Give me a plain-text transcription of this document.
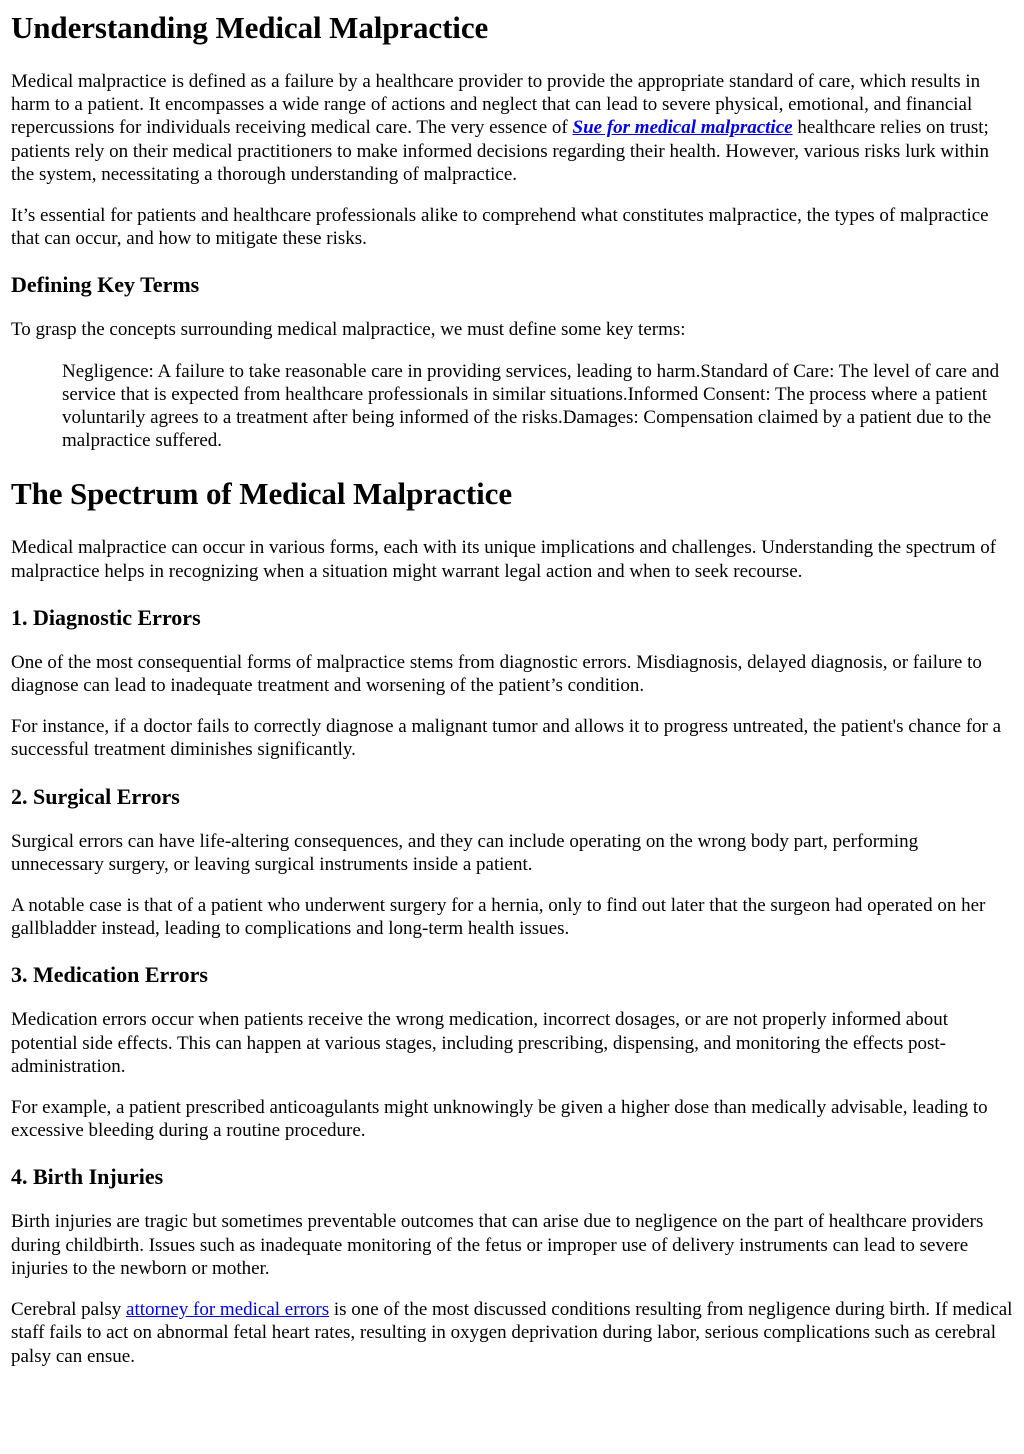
Understanding Medical Malpractice

Medical malpractice is defined as a failure by a healthcare provider to provide the appropriate standard of care, which results in harm to a patient. It encompasses a wide range of actions and neglect that can lead to severe physical, emotional, and financial repercussions for individuals receiving medical care. The very essence of Sue for medical malpractice healthcare relies on trust; patients rely on their medical practitioners to make informed decisions regarding their health. However, various risks lurk within the system, necessitating a thorough understanding of malpractice.

It’s essential for patients and healthcare professionals alike to comprehend what constitutes malpractice, the types of malpractice that can occur, and how to mitigate these risks.

Defining Key Terms

To grasp the concepts surrounding medical malpractice, we must define some key terms:

Negligence: A failure to take reasonable care in providing services, leading to harm.Standard of Care: The level of care and service that is expected from healthcare professionals in similar situations.Informed Consent: The process where a patient voluntarily agrees to a treatment after being informed of the risks.Damages: Compensation claimed by a patient due to the malpractice suffered.
The Spectrum of Medical Malpractice

Medical malpractice can occur in various forms, each with its unique implications and challenges. Understanding the spectrum of malpractice helps in recognizing when a situation might warrant legal action and when to seek recourse.

1. Diagnostic Errors

One of the most consequential forms of malpractice stems from diagnostic errors. Misdiagnosis, delayed diagnosis, or failure to diagnose can lead to inadequate treatment and worsening of the patient’s condition.

For instance, if a doctor fails to correctly diagnose a malignant tumor and allows it to progress untreated, the patient's chance for a successful treatment diminishes significantly.

2. Surgical Errors

Surgical errors can have life-altering consequences, and they can include operating on the wrong body part, performing unnecessary surgery, or leaving surgical instruments inside a patient.

A notable case is that of a patient who underwent surgery for a hernia, only to find out later that the surgeon had operated on her gallbladder instead, leading to complications and long-term health issues.

3. Medication Errors

Medication errors occur when patients receive the wrong medication, incorrect dosages, or are not properly informed about potential side effects. This can happen at various stages, including prescribing, dispensing, and monitoring the effects post-administration.

For example, a patient prescribed anticoagulants might unknowingly be given a higher dose than medically advisable, leading to excessive bleeding during a routine procedure.

4. Birth Injuries

Birth injuries are tragic but sometimes preventable outcomes that can arise due to negligence on the part of healthcare providers during childbirth. Issues such as inadequate monitoring of the fetus or improper use of delivery instruments can lead to severe injuries to the newborn or mother.

Cerebral palsy attorney for medical errors is one of the most discussed conditions resulting from negligence during birth. If medical staff fails to act on abnormal fetal heart rates, resulting in oxygen deprivation during labor, serious complications such as cerebral palsy can ensue.
